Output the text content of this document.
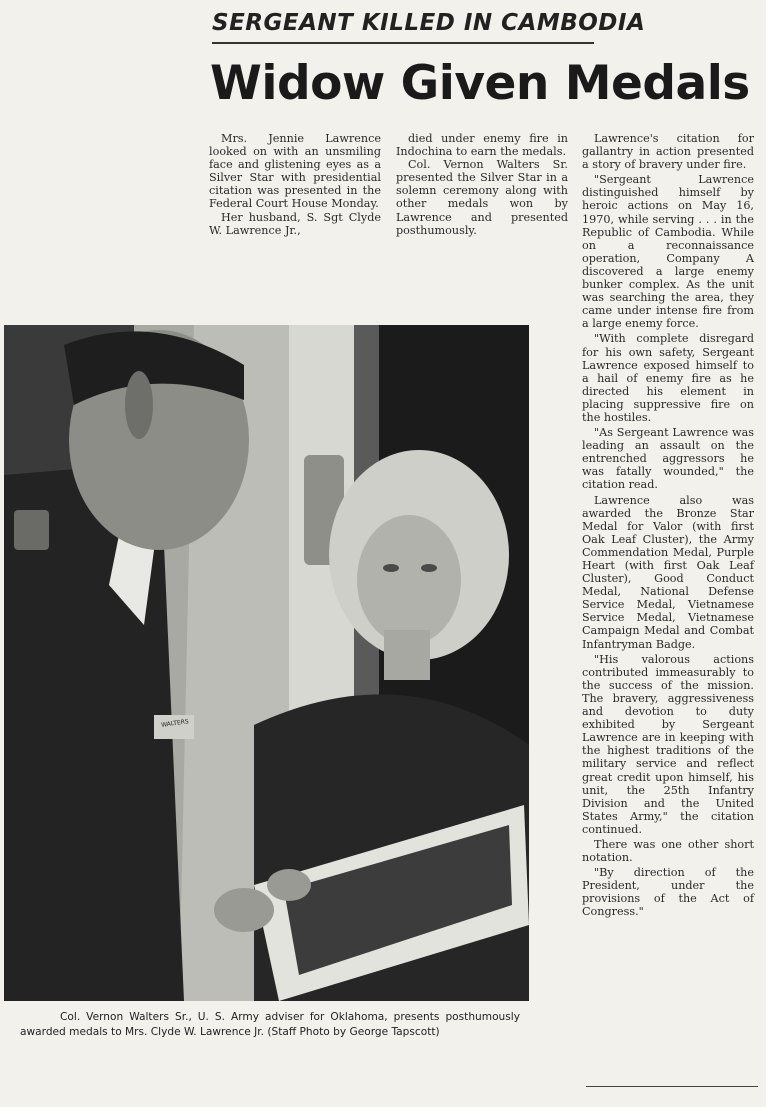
SERGEANT KILLED IN CAMBODIA
Widow Given Medals

Mrs. Jennie Lawrence looked on with an unsmiling face and glistening eyes as a Silver Star with presidential citation was presented in the Federal Court House Monday.

Her husband, S. Sgt Clyde W. Lawrence Jr.,

died under enemy fire in Indochina to earn the medals.

Col. Vernon Walters Sr. presented the Silver Star in a solemn ceremony along with other medals won by Lawrence and presented posthumously.

Lawrence's citation for gallantry in action presented a story of bravery under fire.

"Sergeant Lawrence distinguished himself by heroic actions on May 16, 1970, while serving . . . in the Republic of Cambodia. While on a reconnaissance operation, Company A discovered a large enemy bunker complex. As the unit was searching the area, they came under intense fire from a large enemy force.

"With complete disregard for his own safety, Sergeant Lawrence exposed himself to a hail of enemy fire as he directed his element in placing suppressive fire on the hostiles.

"As Sergeant Lawrence was leading an assault on the entrenched aggressors he was fatally wounded," the citation read.

Lawrence also was awarded the Bronze Star Medal for Valor (with first Oak Leaf Cluster), the Army Commendation Medal, Purple Heart (with first Oak Leaf Cluster), Good Conduct Medal, National Defense Service Medal, Vietnamese Service Medal, Vietnamese Campaign Medal and Combat Infantryman Badge.

"His valorous actions contributed immeasurably to the success of the mission. The bravery, aggressiveness and devotion to duty exhibited by Sergeant Lawrence are in keeping with the highest traditions of the military service and reflect great credit upon himself, his unit, the 25th Infantry Division and the United States Army," the citation continued.

There was one other short notation.

"By direction of the President, under the provisions of the Act of Congress."

WALTERS
Col. Vernon Walters Sr., U. S. Army adviser for Oklahoma, presents posthumously awarded medals to Mrs. Clyde W. Lawrence Jr. (Staff Photo by George Tapscott)
